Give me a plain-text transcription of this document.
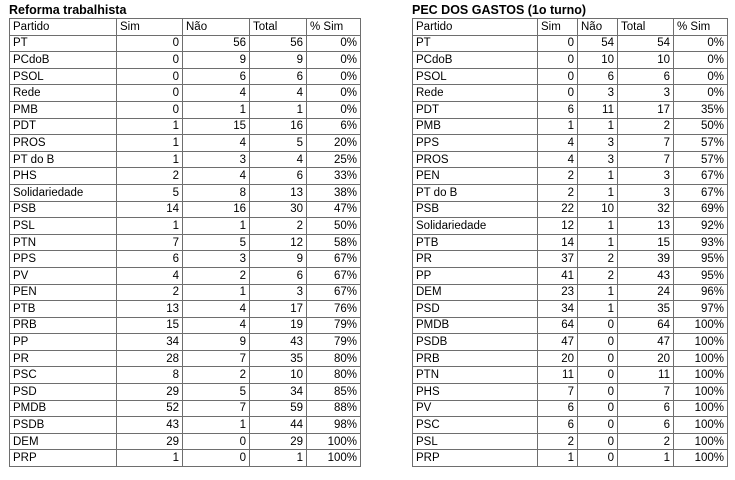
Reforma trabalhista
Partido	Sim	Não	Total	% Sim
PT	0	56	56	0%
PCdoB	0	9	9	0%
PSOL	0	6	6	0%
Rede	0	4	4	0%
PMB	0	1	1	0%
PDT	1	15	16	6%
PROS	1	4	5	20%
PT do B	1	3	4	25%
PHS	2	4	6	33%
Solidariedade	5	8	13	38%
PSB	14	16	30	47%
PSL	1	1	2	50%
PTN	7	5	12	58%
PPS	6	3	9	67%
PV	4	2	6	67%
PEN	2	1	3	67%
PTB	13	4	17	76%
PRB	15	4	19	79%
PP	34	9	43	79%
PR	28	7	35	80%
PSC	8	2	10	80%
PSD	29	5	34	85%
PMDB	52	7	59	88%
PSDB	43	1	44	98%
DEM	29	0	29	100%
PRP	1	0	1	100%
PEC DOS GASTOS (1o turno)
Partido	Sim	Não	Total	% Sim
PT	0	54	54	0%
PCdoB	0	10	10	0%
PSOL	0	6	6	0%
Rede	0	3	3	0%
PDT	6	11	17	35%
PMB	1	1	2	50%
PPS	4	3	7	57%
PROS	4	3	7	57%
PEN	2	1	3	67%
PT do B	2	1	3	67%
PSB	22	10	32	69%
Solidariedade	12	1	13	92%
PTB	14	1	15	93%
PR	37	2	39	95%
PP	41	2	43	95%
DEM	23	1	24	96%
PSD	34	1	35	97%
PMDB	64	0	64	100%
PSDB	47	0	47	100%
PRB	20	0	20	100%
PTN	11	0	11	100%
PHS	7	0	7	100%
PV	6	0	6	100%
PSC	6	0	6	100%
PSL	2	0	2	100%
PRP	1	0	1	100%
